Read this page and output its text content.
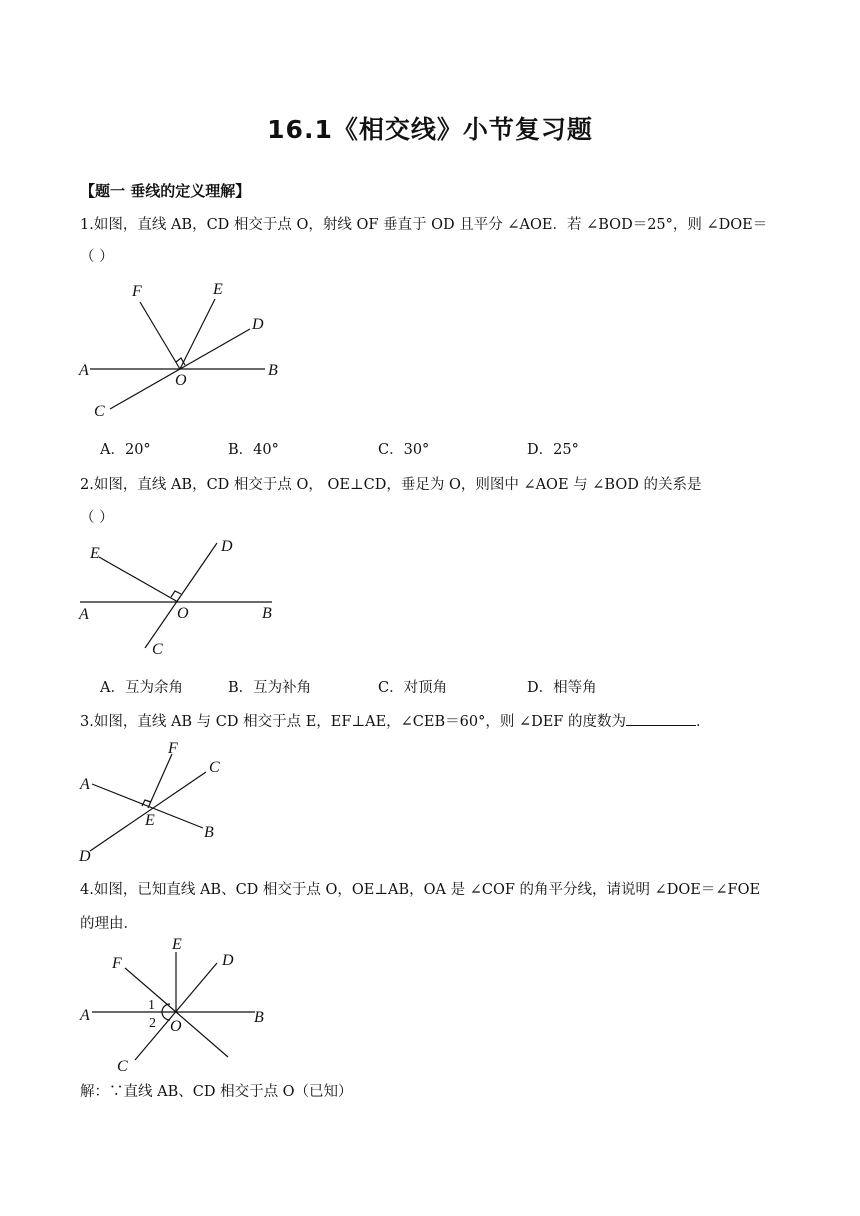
16.1《相交线》小节复习题
【题一 垂线的定义理解】
1.如图，直线 AB，CD 相交于点 O，射线 OF 垂直于 OD 且平分 ∠AOE．若 ∠BOD＝25°，则 ∠DOE＝
（ ）
F	E
D
A
O
B
C
A．20°	B．40°	C．30°	D．25°
2.如图，直线 AB，CD 相交于点 O， OE⊥CD，垂足为 O，则图中 ∠AOE 与 ∠BOD 的关系是
（ ）
E	D
A	O	B
C
A．互为余角	B．互为补角	C．对顶角	D．相等角
3.如图，直线 AB 与 CD 相交于点 E，EF⊥AE，∠CEB＝60°，则 ∠DEF 的度数为	．
F
C
A
E
B
D
4.如图，已知直线 AB、CD 相交于点 O，OE⊥AB，OA 是 ∠COF 的角平分线，请说明 ∠DOE＝∠FOE
的理由．
E
F	D
A
1
2 O
B
C
解：∵直线 AB、CD 相交于点 O（已知）
